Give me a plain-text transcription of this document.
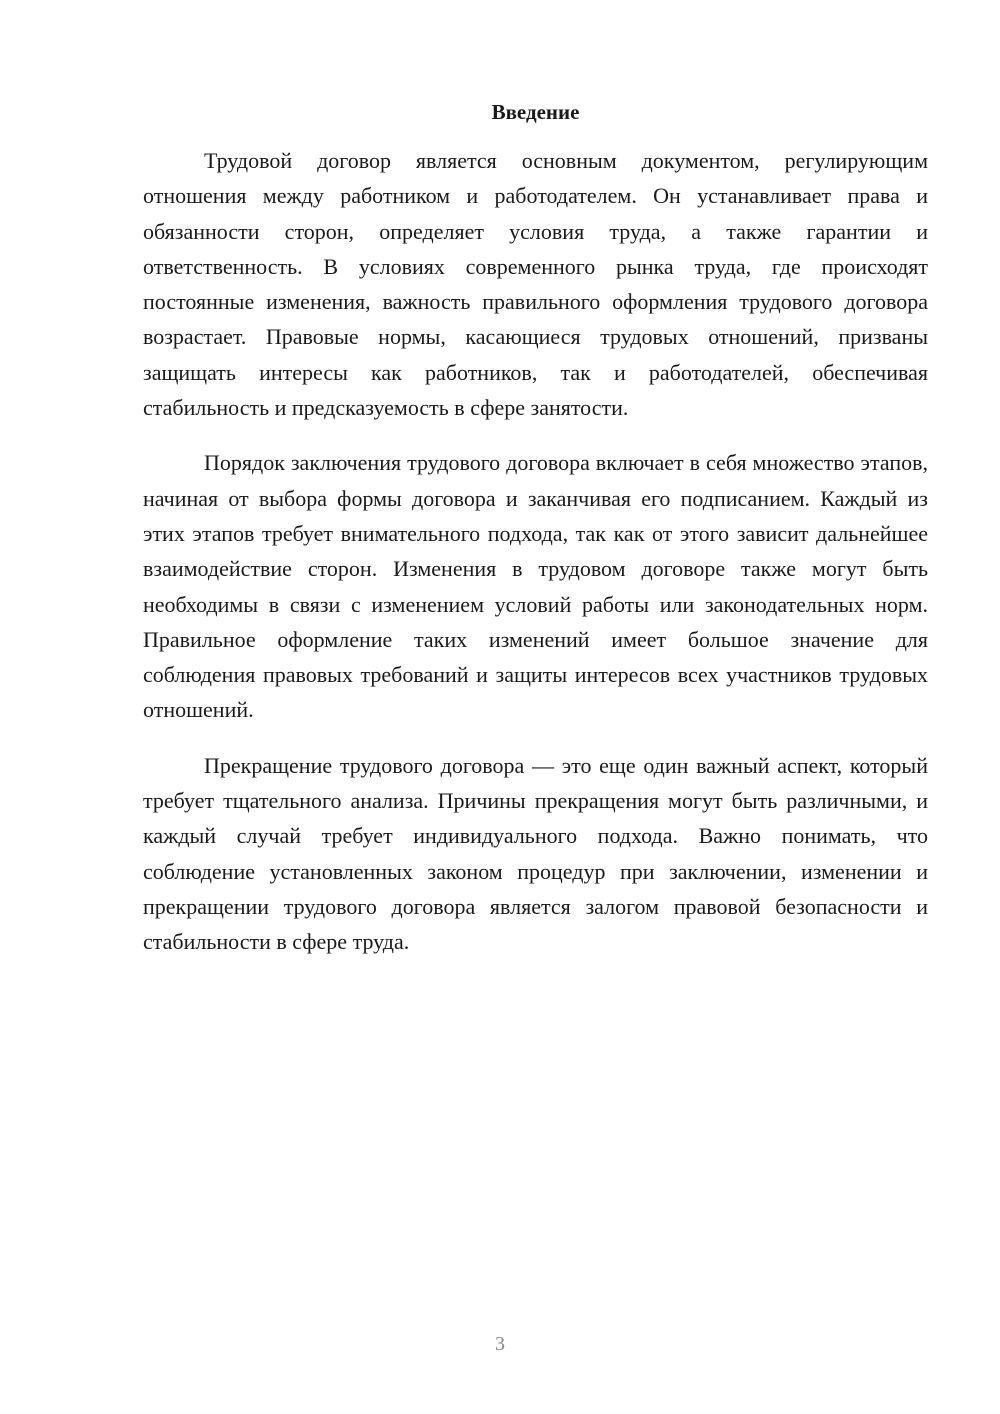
Введение

Трудовой договор является основным документом, регулирующим отношения между работником и работодателем. Он устанавливает права и обязанности сторон, определяет условия труда, а также гарантии и ответственность. В условиях современного рынка труда, где происходят постоянные изменения, важность правильного оформления трудового договора возрастает. Правовые нормы, касающиеся трудовых отношений, призваны защищать интересы как работников, так и работодателей, обеспечивая стабильность и предсказуемость в сфере занятости.

Порядок заключения трудового договора включает в себя множество этапов, начиная от выбора формы договора и заканчивая его подписанием. Каждый из этих этапов требует внимательного подхода, так как от этого зависит дальнейшее взаимодействие сторон. Изменения в трудовом договоре также могут быть необходимы в связи с изменением условий работы или законодательных норм. Правильное оформление таких изменений имеет большое значение для соблюдения правовых требований и защиты интересов всех участников трудовых отношений.

Прекращение трудового договора — это еще один важный аспект, который требует тщательного анализа. Причины прекращения могут быть различными, и каждый случай требует индивидуального подхода. Важно понимать, что соблюдение установленных законом процедур при заключении, изменении и прекращении трудового договора является залогом правовой безопасности и стабильности в сфере труда.

3
